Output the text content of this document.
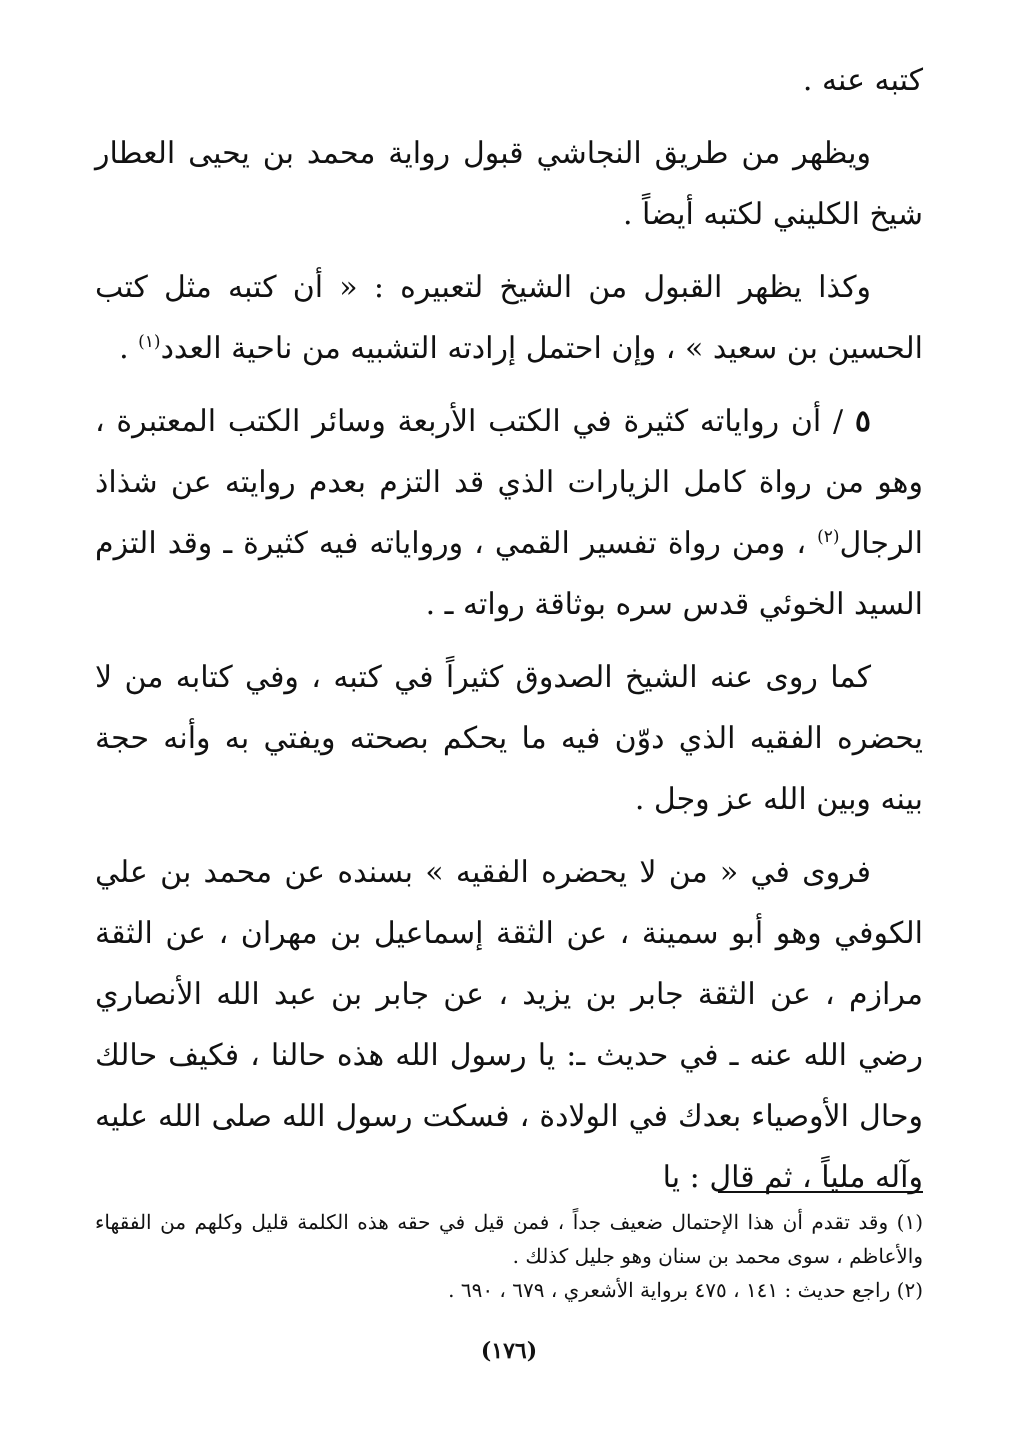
كتبه عنه .

ويظهر من طريق النجاشي قبول رواية محمد بن يحيى العطار شيخ الكليني لكتبه أيضاً .

وكذا يظهر القبول من الشيخ لتعبيره : « أن كتبه مثل كتب الحسين بن سعيد » ، وإن احتمل إرادته التشبيه من ناحية العدد$^{(١)}$ .

٥ / أن رواياته كثيرة في الكتب الأربعة وسائر الكتب المعتبرة ، وهو من رواة كامل الزيارات الذي قد التزم بعدم روايته عن شذاذ الرجال$^{(٢)}$ ، ومن رواة تفسير القمي ، ورواياته فيه كثيرة ـ وقد التزم السيد الخوئي قدس سره بوثاقة رواته ـ .

كما روى عنه الشيخ الصدوق كثيراً في كتبه ، وفي كتابه من لا يحضره الفقيه الذي دوّن فيه ما يحكم بصحته ويفتي به وأنه حجة بينه وبين الله عز وجل .

فروى في « من لا يحضره الفقيه » بسنده عن محمد بن علي الكوفي وهو أبو سمينة ، عن الثقة إسماعيل بن مهران ، عن الثقة مرازم ، عن الثقة جابر بن يزيد ، عن جابر بن عبد الله الأنصاري رضي الله عنه ـ في حديث ـ: يا رسول الله هذه حالنا ، فكيف حالك وحال الأوصياء بعدك في الولادة ، فسكت رسول الله صلى الله عليه وآله ملياً ، ثم قال : يا

(١) وقد تقدم أن هذا الإحتمال ضعيف جداً ، فمن قيل في حقه هذه الكلمة قليل وكلهم من الفقهاء والأعاظم ، سوى محمد بن سنان وهو جليل كذلك .

(٢) راجع حديث : ١٤١ ، ٤٧٥ برواية الأشعري ، ٦٧٩ ، ٦٩٠ .

(١٧٦)
